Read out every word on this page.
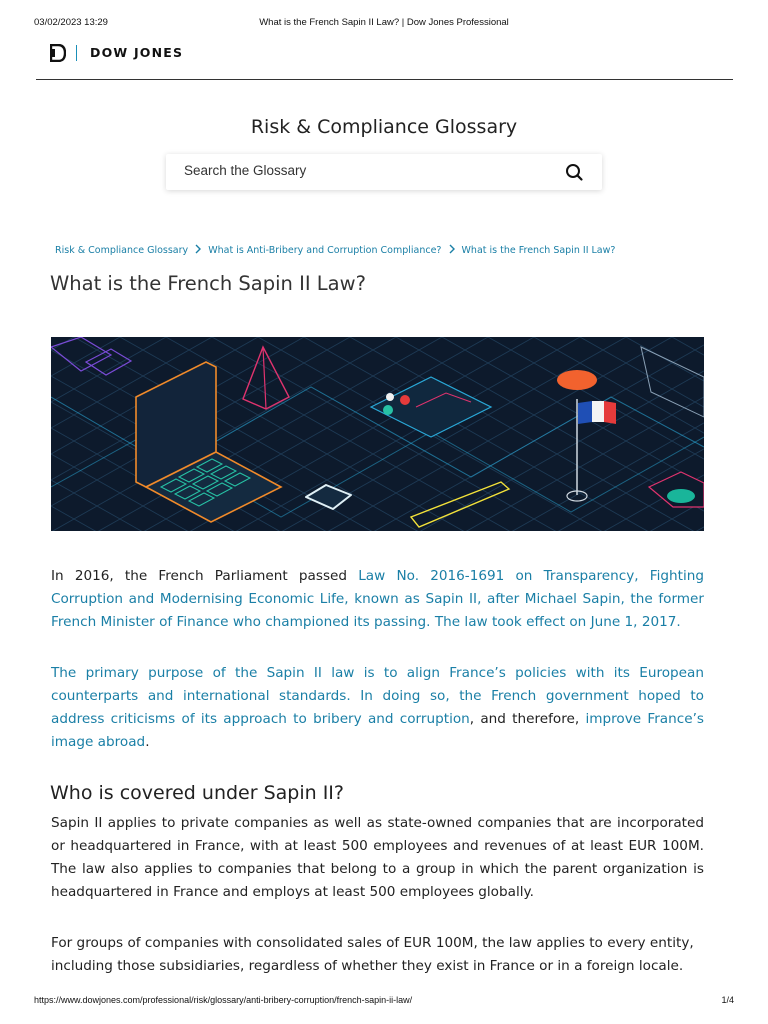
03/02/2023 13:29	What is the French Sapin II Law? | Dow Jones Professional
DOW JONES
Risk & Compliance Glossary
Search the Glossary
Risk & Compliance Glossary What is Anti-Bribery and Corruption Compliance? What is the French Sapin II Law?
What is the French Sapin II Law?

In 2016, the French Parliament passed Law No. 2016-1691 on Transparency, Fighting Corruption and Modernising Economic Life, known as Sapin II, after Michael Sapin, the former French Minister of Finance who championed its passing. The law took effect on June 1, 2017.

The primary purpose of the Sapin II law is to align France’s policies with its European counterparts and international standards. In doing so, the French government hoped to address criticisms of its approach to bribery and corruption, and therefore, improve France’s image abroad.

Who is covered under Sapin II?

Sapin II applies to private companies as well as state-owned companies that are incorporated or headquartered in France, with at least 500 employees and revenues of at least EUR 100M. The law also applies to companies that belong to a group in which the parent organization is headquartered in France and employs at least 500 employees globally.

For groups of companies with consolidated sales of EUR 100M, the law applies to every entity, including those subsidiaries, regardless of whether they exist in France or in a foreign locale.

https://www.dowjones.com/professional/risk/glossary/anti-bribery-corruption/french-sapin-ii-law/	1/4
